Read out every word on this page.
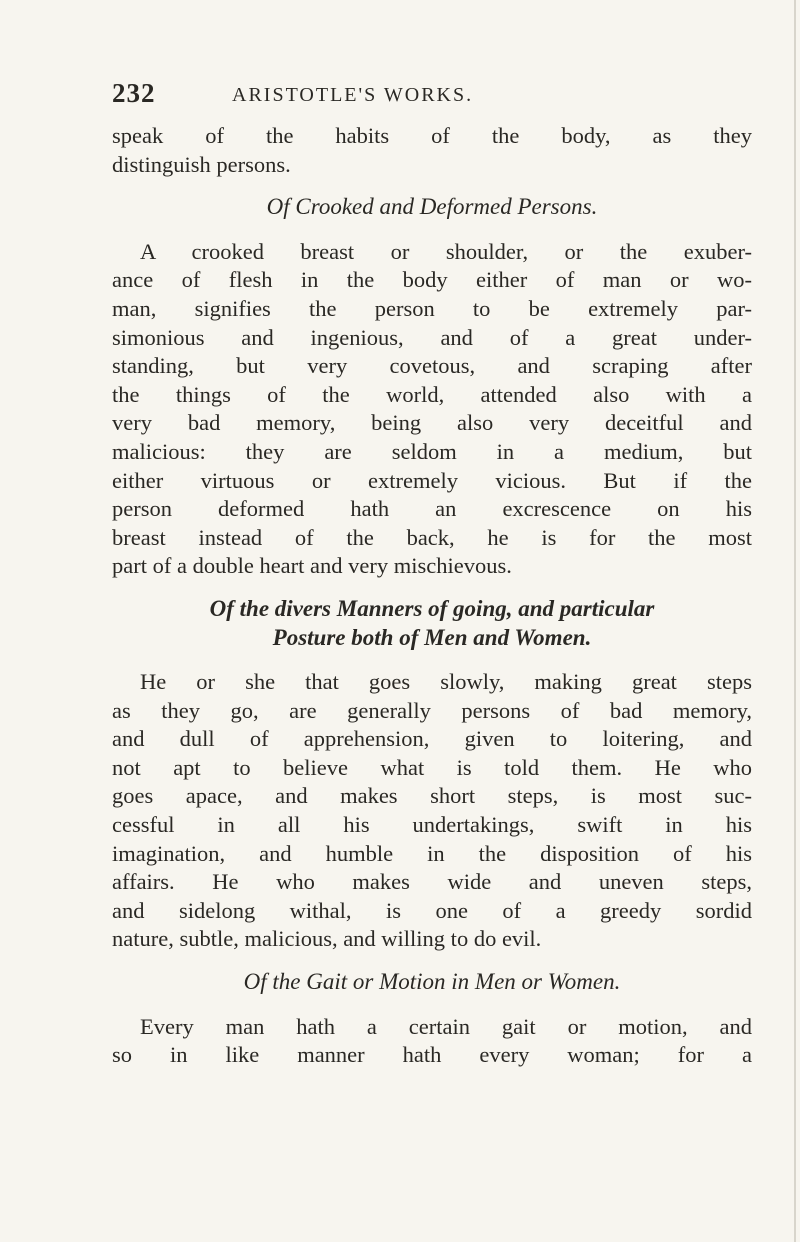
232	ARISTOTLE'S WORKS.
speak of the habits of the body, as they
distinguish persons.
Of Crooked and Deformed Persons.
A crooked breast or shoulder, or the exuber-
ance of flesh in the body either of man or wo-
man, signifies the person to be extremely par-
simonious and ingenious, and of a great under-
standing, but very covetous, and scraping after
the things of the world, attended also with a
very bad memory, being also very deceitful and
malicious: they are seldom in a medium, but
either virtuous or extremely vicious. But if the
person deformed hath an excrescence on his
breast instead of the back, he is for the most
part of a double heart and very mischievous.
Of the divers Manners of going, and particular
Posture both of Men and Women.
He or she that goes slowly, making great steps
as they go, are generally persons of bad memory,
and dull of apprehension, given to loitering, and
not apt to believe what is told them. He who
goes apace, and makes short steps, is most suc-
cessful in all his undertakings, swift in his
imagination, and humble in the disposition of his
affairs. He who makes wide and uneven steps,
and sidelong withal, is one of a greedy sordid
nature, subtle, malicious, and willing to do evil.
Of the Gait or Motion in Men or Women.
Every man hath a certain gait or motion, and
so in like manner hath every woman; for a
